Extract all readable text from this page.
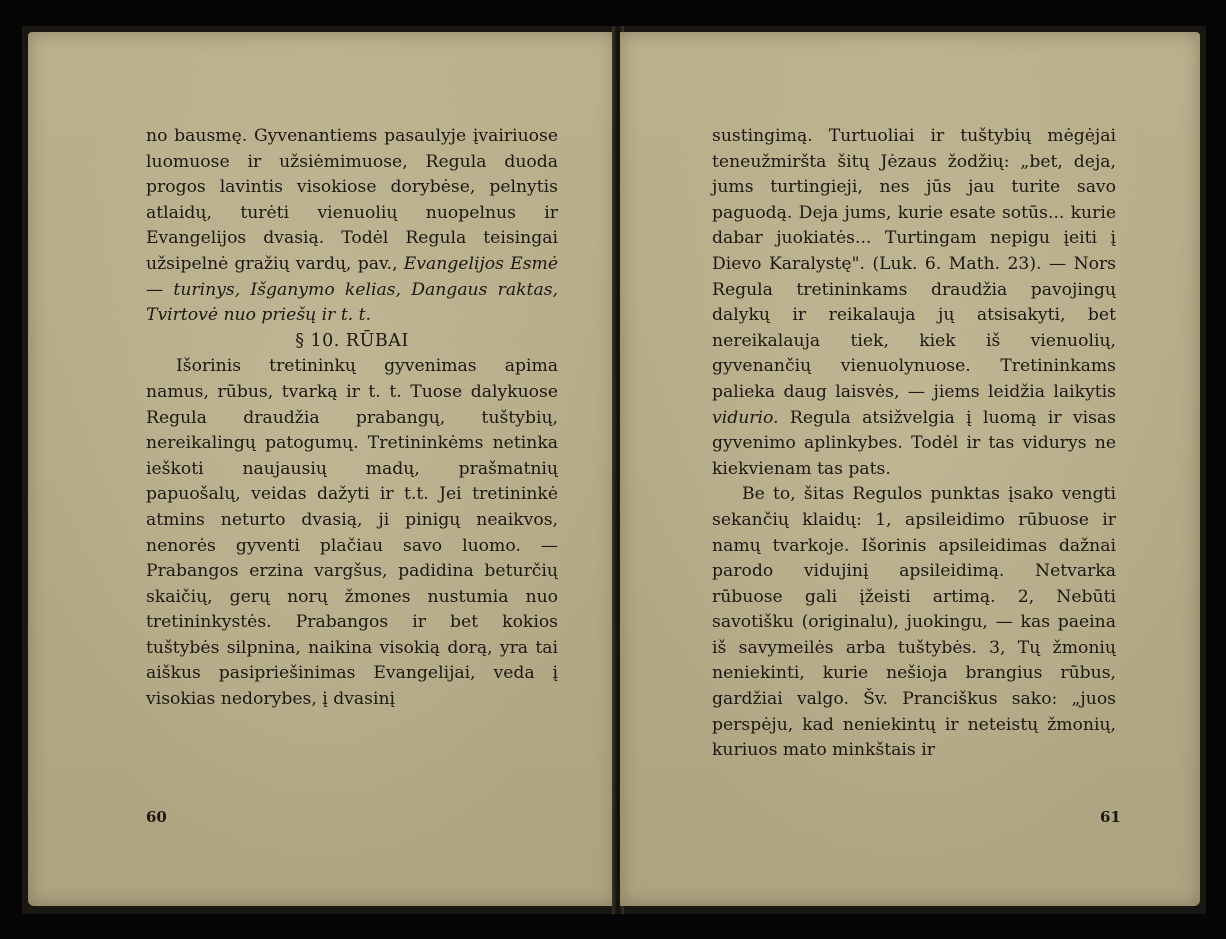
no bausmę. Gyvenantiems pasaulyje įvairiuose luomuose ir užsiėmimuose, Regula duoda progos lavintis visokiose dorybėse, pelnytis atlaidų, turėti vienuolių nuopelnus ir Evangelijos dvasią. Todėl Regula teisingai užsipelnė gražių vardų, pav., Evangelijos Esmė — turinys, Išganymo kelias, Dangaus raktas, Tvirtovė nuo priešų ir t. t.

§ 10. RŪBAI

Išorinis tretininkų gyvenimas apima namus, rūbus, tvarką ir t. t. Tuose dalykuose Regula draudžia prabangų, tuštybių, nereikalingų patogumų. Tretininkėms netinka ieškoti naujausių madų, prašmatnių papuošalų, veidas dažyti ir t.t. Jei tretininkė atmins neturto dvasią, ji pinigų neaikvos, nenorės gyventi plačiau savo luomo. — Prabangos erzina vargšus, padidina beturčių skaičių, gerų norų žmones nustumia nuo tretininkystės. Prabangos ir bet kokios tuštybės silpnina, naikina visokią dorą, yra tai aiškus pasipriešinimas Evangelijai, veda į visokias nedorybes, į dvasinį

60

sustingimą. Turtuoliai ir tuštybių mėgėjai teneužmiršta šitų Jėzaus žodžių: „bet, deja, jums turtingieji, nes jūs jau turite savo paguodą. Deja jums, kurie esate sotūs... kurie dabar juokiatės... Turtingam nepigu įeiti į Dievo Karalystę". (Luk. 6. Math. 23). — Nors Regula tretininkams draudžia pavojingų dalykų ir reikalauja jų atsisakyti, bet nereikalauja tiek, kiek iš vienuolių, gyvenančių vienuolynuose. Tretininkams palieka daug laisvės, — jiems leidžia laikytis vidurio. Regula atsižvelgia į luomą ir visas gyvenimo aplinkybes. Todėl ir tas vidurys ne kiekvienam tas pats.

Be to, šitas Regulos punktas įsako vengti sekančių klaidų: 1, apsileidimo rūbuose ir namų tvarkoje. Išorinis apsileidimas dažnai parodo vidujinį apsileidimą. Netvarka rūbuose gali įžeisti artimą. 2, Nebūti savotišku (originalu), juokingu, — kas paeina iš savymeilės arba tuštybės. 3, Tų žmonių neniekinti, kurie nešioja brangius rūbus, gardžiai valgo. Šv. Pranciškus sako: „juos perspėju, kad neniekintų ir neteistų žmonių, kuriuos mato minkštais ir

61
